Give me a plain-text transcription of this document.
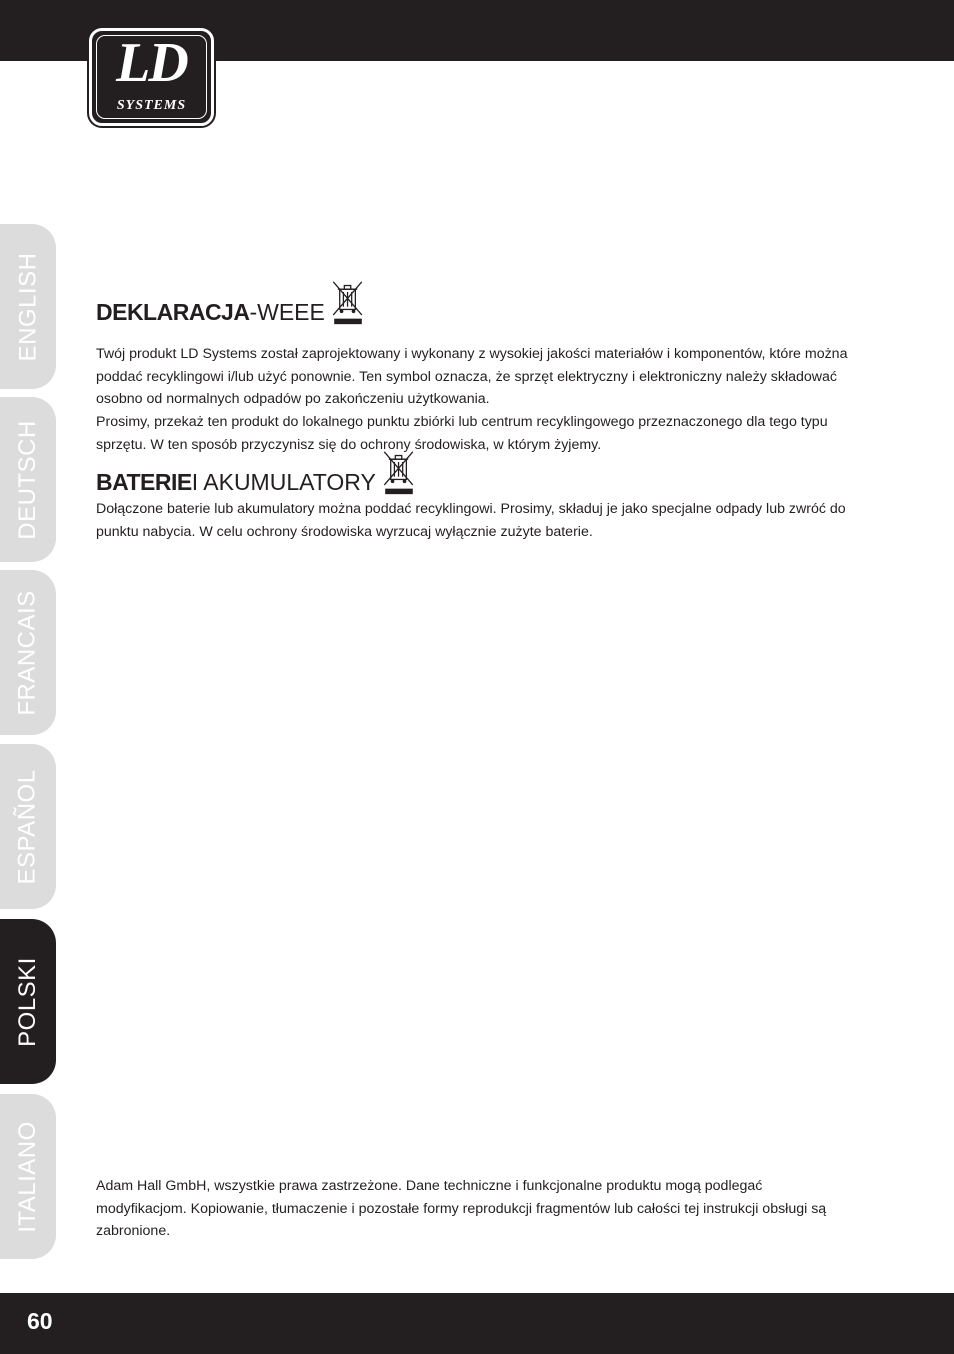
LD
SYSTEMS
ENGLISH
DEUTSCH
FRANCAIS
ESPAÑOL
POLSKI
ITALIANO
DEKLARACJA -WEEE

Twój produkt LD Systems został zaprojektowany i wykonany z wysokiej jakości materiałów i komponentów, które można poddać recyklingowi i/lub użyć ponownie. Ten symbol oznacza, że sprzęt elektryczny i elektroniczny należy składować osobno od normalnych odpadów po zakończeniu użytkowania.

Prosimy, przekaż ten produkt do lokalnego punktu zbiórki lub centrum recyklingowego przeznaczonego dla tego typu sprzętu. W ten sposób przyczynisz się do ochrony środowiska, w którym żyjemy.

BATERIE I AKUMULATORY

Dołączone baterie lub akumulatory można poddać recyklingowi. Prosimy, składuj je jako specjalne odpady lub zwróć do punktu nabycia. W celu ochrony środowiska wyrzucaj wyłącznie zużyte baterie.

Adam Hall GmbH, wszystkie prawa zastrzeżone. Dane techniczne i funkcjonalne produktu mogą podlegać modyfikacjom. Kopiowanie, tłumaczenie i pozostałe formy reprodukcji fragmentów lub całości tej instrukcji obsługi są zabronione.

60
